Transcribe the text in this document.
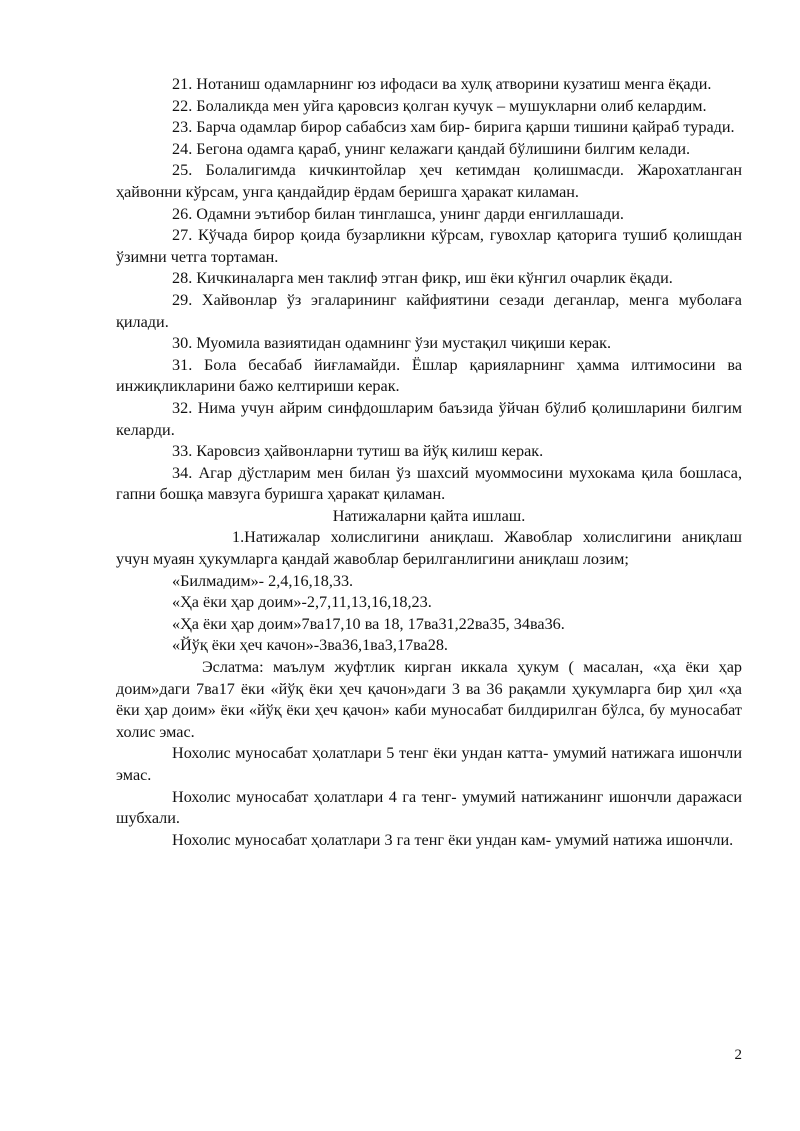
21. Нотаниш одамларнинг юз ифодаси ва хулқ атворини кузатиш менга ёқади.

22. Болаликда мен уйга қаровсиз қолган кучук – мушукларни олиб келардим.

23. Барча одамлар бирор сабабсиз хам бир- бирига қарши тишини қайраб туради.

24. Бегона одамга қараб, унинг келажаги қандай бўлишини билгим келади.

25. Болалигимда кичкинтойлар ҳеч кетимдан қолишмасди. Жарохатланган ҳайвонни кўрсам, унга қандайдир ёрдам беришга ҳаракат киламан.

26. Одамни эътибор билан тинглашса, унинг дарди енгиллашади.

27. Кўчада бирор қоида бузарликни кўрсам, гувохлар қаторига тушиб қолишдан ўзимни четга тортаман.

28. Кичкиналарга мен таклиф этган фикр, иш ёки кўнгил очарлик ёқади.

29. Хайвонлар ўз эгаларининг кайфиятини сезади деганлар, менга муболаға қилади.

30. Муомила вазиятидан одамнинг ўзи мустақил чиқиши керак.

31. Бола бесабаб йиғламайди. Ёшлар қарияларнинг ҳамма илтимосини ва инжиқликларини бажо келтириши керак.

32. Нима учун айрим синфдошларим баъзида ўйчан бўлиб қолишларини билгим келарди.

33. Каровсиз ҳайвонларни тутиш ва йўқ килиш керак.

34. Агар дўстларим мен билан ўз шахсий муоммосини мухокама қила бошласа, гапни бошқа мавзуга буришга ҳаракат қиламан.

Натижаларни қайта ишлаш.

1.Натижалар холислигини аниқлаш. Жавоблар холислигини аниқлаш учун муаян ҳукумларга қандай жавоблар берилганлигини аниқлаш лозим;

«Билмадим»- 2,4,16,18,33.

«Ҳа ёки ҳар доим»-2,7,11,13,16,18,23.

«Ҳа ёки ҳар доим»7ва17,10 ва 18, 17ва31,22ва35, 34ва36.

«Йўқ ёки ҳеч качон»-3ва36,1ва3,17ва28.

Эслатма: маълум жуфтлик кирган иккала ҳукум ( масалан, «ҳа ёки ҳар доим»даги 7ва17 ёки «йўқ ёки ҳеч қачон»даги 3 ва 36 рақамли ҳукумларга бир ҳил «ҳа ёки ҳар доим» ёки «йўқ ёки ҳеч қачон» каби муносабат билдирилган бўлса, бу муносабат холис эмас.

Нохолис муносабат ҳолатлари 5 тенг ёки ундан катта- умумий натижага ишончли эмас.

Нохолис муносабат ҳолатлари 4 га тенг- умумий натижанинг ишончли даражаси шубхали.

Нохолис муносабат ҳолатлари 3 га тенг ёки ундан кам- умумий натижа ишончли.

2
